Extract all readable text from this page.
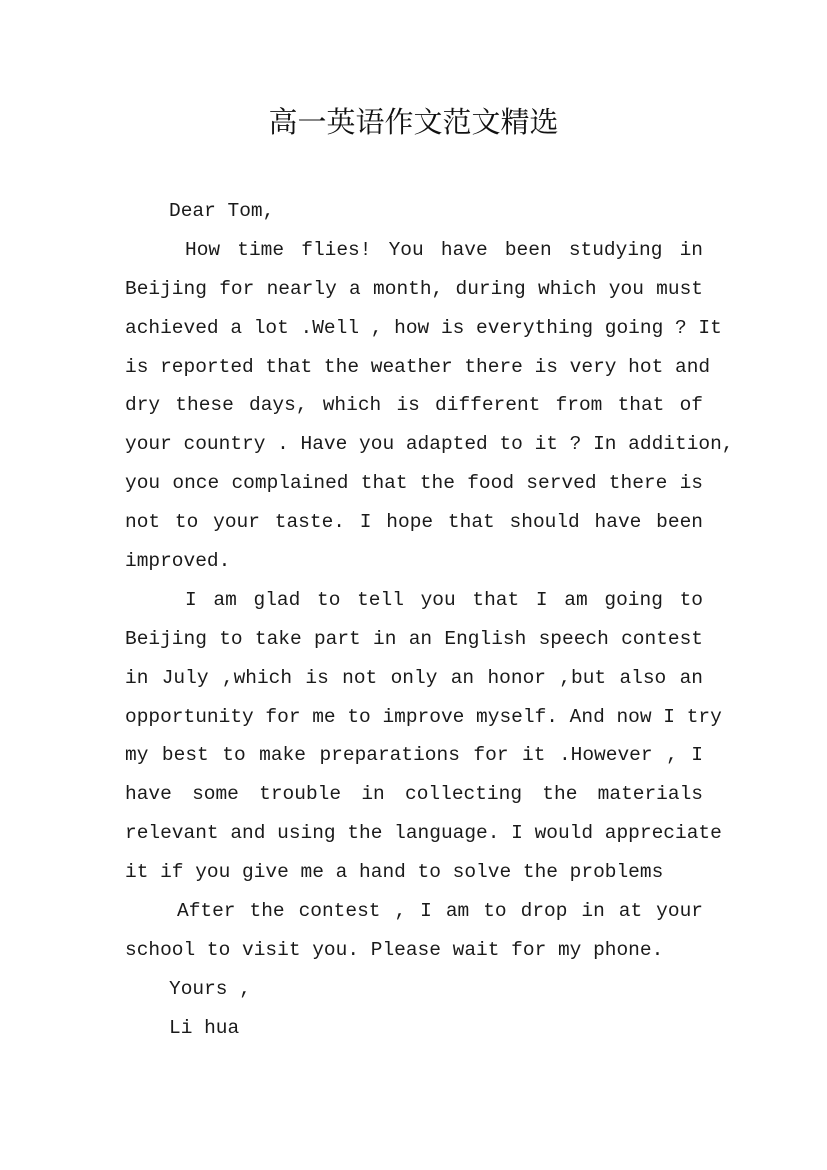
高一英语作文范文精选
Dear Tom,
How time flies! You have been studying in
Beijing for nearly a month, during which you must
achieved a lot .Well , how is everything going ? It
is reported that the weather there is very hot and
dry these days, which is different from that of
your country . Have you adapted to it ? In addition,
you once complained that the food served there is
not to your taste. I hope that should have been
improved.
I am glad to tell you that I am going to
Beijing to take part in an English speech contest
in July ,which is not only an honor ,but also an
opportunity for me to improve myself. And now I try
my best to make preparations for it .However , I
have some trouble in collecting the materials
relevant and using the language. I would appreciate
it if you give me a hand to solve the problems
After the contest , I am to drop in at your
school to visit you. Please wait for my phone.
Yours ,
Li hua
